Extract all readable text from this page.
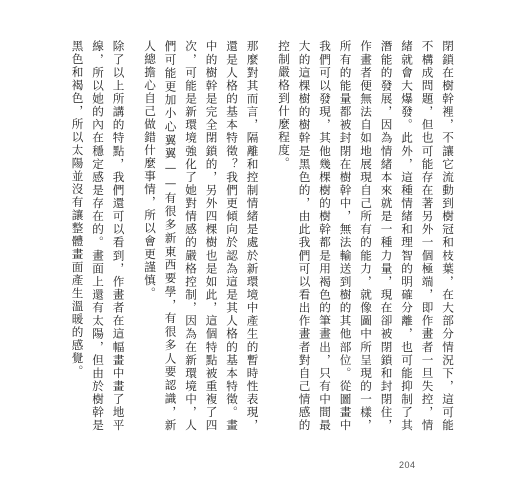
閉鎖在樹幹裡，不讓它流動到樹冠和枝葉，在大部分情況下，這可能不構成問題，但也可能存在著另外一個極端，即作畫者一旦失控，情緒就會大爆發。此外，這種情緒和理智的明確分離，也可能抑制了其潛能的發展，因為情緒本來就是一種力量，現在卻被閉鎖和封閉住，作畫者便無法自如地展現自己所有的能力，就像圖中所呈現的一樣，所有的能量都被封閉在樹幹中，無法輸送到樹的其他部位。從圖畫中我們可以發現，其他幾棵樹的樹幹都是用褐色的筆畫出，只有中間最大的這棵樹的樹幹是黑色的，由此我們可以看出作畫者對自己情感的控制嚴格到什麼程度。

那麼對其而言，隔離和控制情緒是處於新環境中產生的暫時性表現，還是人格的基本特徵？我們更傾向於認為這是其人格的基本特徵。畫中的樹幹是完全閉鎖的，另外四棵樹也是如此，這個特點被重複了四次，可能是新環境強化了她對情感的嚴格控制，因為在新環境中，人們可能更加小心翼翼——有很多新東西要學，有很多人要認識，新人總擔心自己做錯什麼事情，所以會更謹慎。

除了以上所講的特點，我們還可以看到，作畫者在這幅畫中畫了地平線，所以她的內在穩定感是存在的。畫面上還有太陽，但由於樹幹是黑色和褐色，所以太陽並沒有讓整體畫面產生溫暖的感覺。

204
